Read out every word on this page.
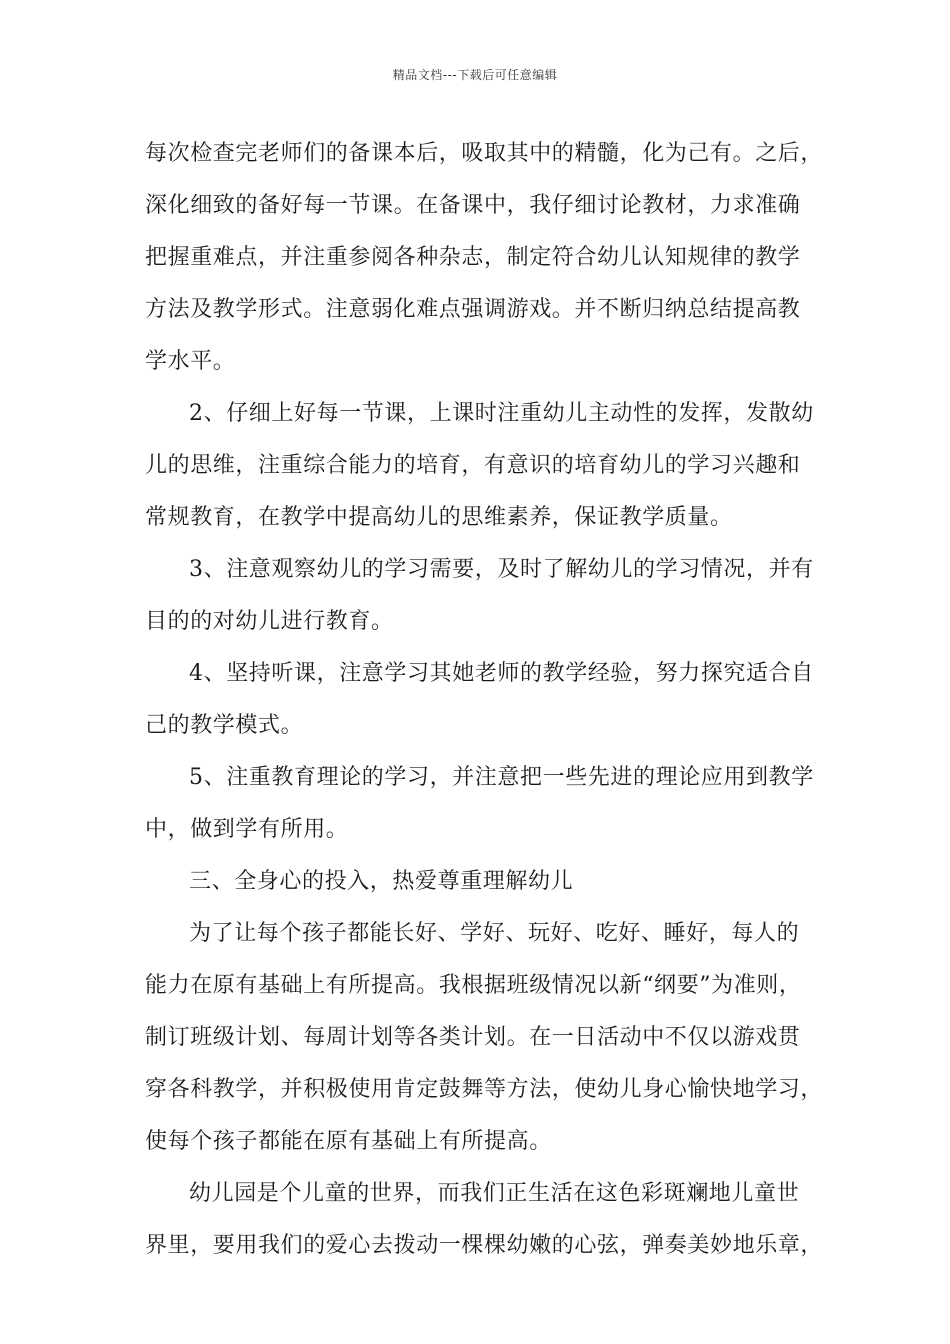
精品文档---下载后可任意编辑
每次检查完老师们的备课本后，吸取其中的精髓，化为己有。之后，
深化细致的备好每一节课。在备课中，我仔细讨论教材，力求准确
把握重难点，并注重参阅各种杂志，制定符合幼儿认知规律的教学
方法及教学形式。注意弱化难点强调游戏。并不断归纳总结提高教
学水平。
2、仔细上好每一节课，上课时注重幼儿主动性的发挥，发散幼
儿的思维，注重综合能力的培育，有意识的培育幼儿的学习兴趣和
常规教育，在教学中提高幼儿的思维素养，保证教学质量。
3、注意观察幼儿的学习需要，及时了解幼儿的学习情况，并有
目的的对幼儿进行教育。
4、坚持听课，注意学习其她老师的教学经验，努力探究适合自
己的教学模式。
5、注重教育理论的学习，并注意把一些先进的理论应用到教学
中，做到学有所用。
三、全身心的投入，热爱尊重理解幼儿
为了让每个孩子都能长好、学好、玩好、吃好、睡好，每人的
能力在原有基础上有所提高。我根据班级情况以新“纲要”为准则，
制订班级计划、每周计划等各类计划。在一日活动中不仅以游戏贯
穿各科教学，并积极使用肯定鼓舞等方法，使幼儿身心愉快地学习，
使每个孩子都能在原有基础上有所提高。
幼儿园是个儿童的世界，而我们正生活在这色彩斑斓地儿童世
界里，要用我们的爱心去拨动一棵棵幼嫩的心弦，弹奏美妙地乐章，
